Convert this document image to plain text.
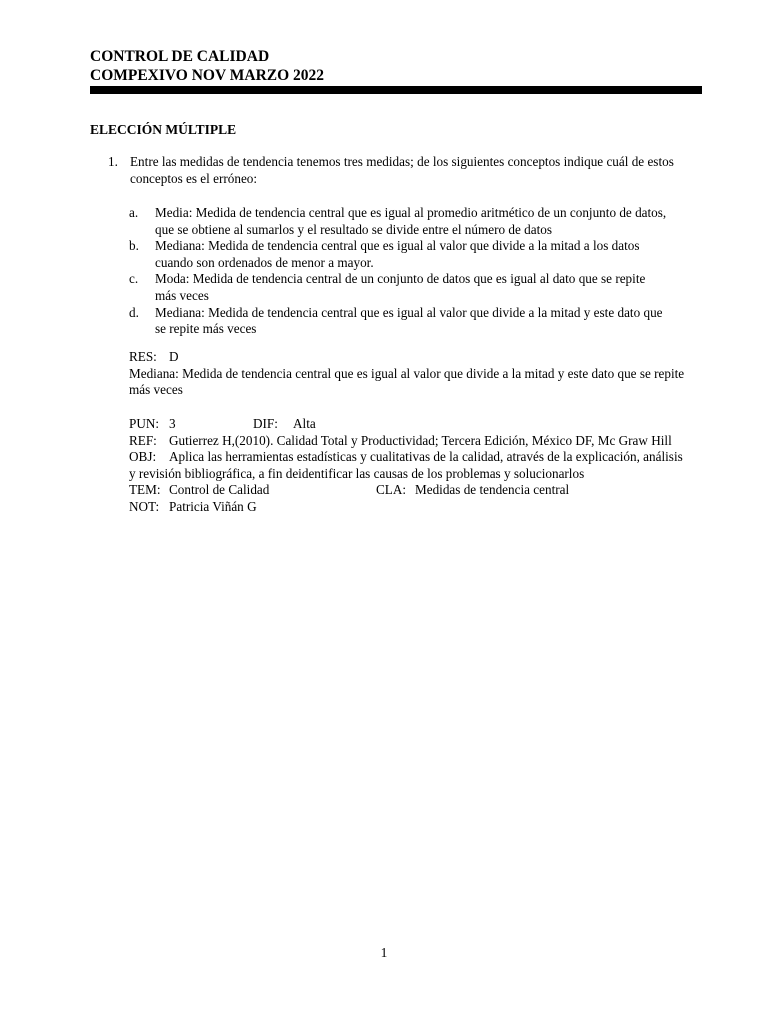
CONTROL DE CALIDAD
COMPEXIVO NOV MARZO 2022
ELECCIÓN MÚLTIPLE
1. Entre las medidas de tendencia tenemos tres medidas; de los siguientes conceptos indique cuál de estos conceptos es el erróneo:
a. Media: Medida de tendencia central que es igual al promedio aritmético de un conjunto de datos, que se obtiene al sumarlos y el resultado se divide entre el número de datos
b. Mediana: Medida de tendencia central que es igual al valor que divide a la mitad a los datos cuando son ordenados de menor a mayor.
c. Moda: Medida de tendencia central de un conjunto de datos que es igual al dato que se repite más veces
d. Mediana: Medida de tendencia central que es igual al valor que divide a la mitad y este dato que se repite más veces
RES: D
Mediana: Medida de tendencia central que es igual al valor que divide a la mitad y este dato que se repite más veces
PUN: 3	DIF: Alta

REF: Gutierrez H,(2010). Calidad Total y Productividad; Tercera Edición, México DF, Mc Graw Hill
OBJ: Aplica las herramientas estadísticas y cualitativas de la calidad, através de la explicación, análisis y revisión bibliográfica, a fin deidentificar las causas de los problemas y solucionarlos
TEM: Control de Calidad	CLA: Medidas de tendencia central
NOT: Patricia Viñán G
1
